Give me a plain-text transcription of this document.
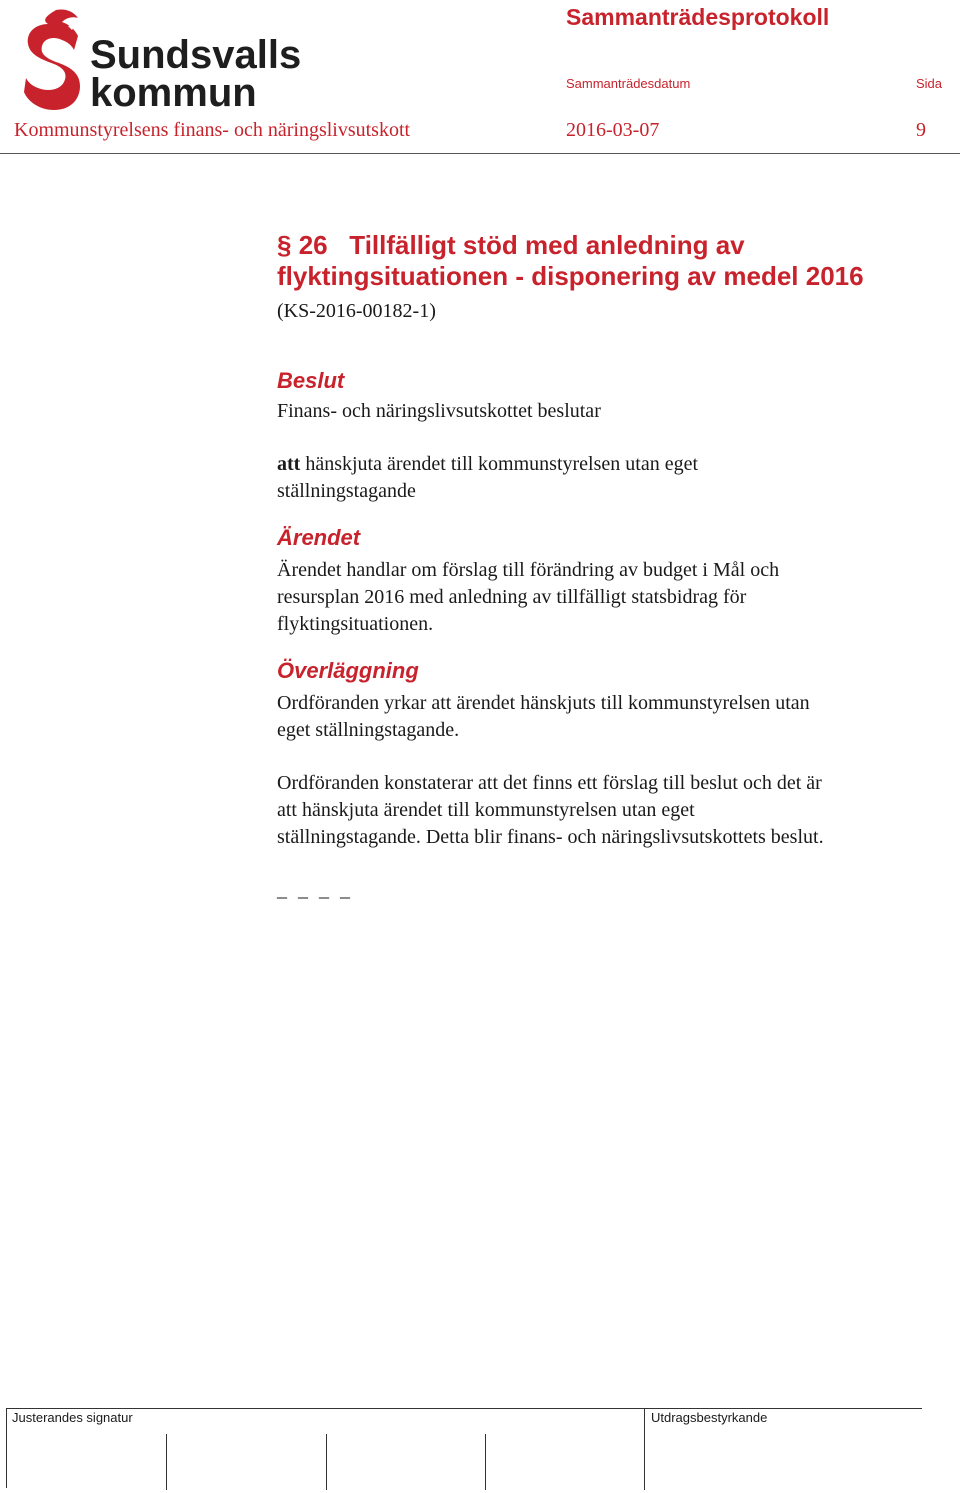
Sundsvalls
kommun
Sammanträdesprotokoll
Sammanträdesdatum	Sida
Kommunstyrelsens finans- och näringslivsutskott	2016-03-07	9
§ 26 Tillfälligt stöd med anledning av
flyktingsituationen - disponering av medel 2016
(KS-2016-00182-1)
Beslut
Finans- och näringslivsutskottet beslutar
att hänskjuta ärendet till kommunstyrelsen utan eget
ställningstagande
Ärendet
Ärendet handlar om förslag till förändring av budget i Mål och
resursplan 2016 med anledning av tillfälligt statsbidrag för
flyktingsituationen.
Överläggning
Ordföranden yrkar att ärendet hänskjuts till kommunstyrelsen utan
eget ställningstagande.
Ordföranden konstaterar att det finns ett förslag till beslut och det är
att hänskjuta ärendet till kommunstyrelsen utan eget
ställningstagande. Detta blir finans- och näringslivsutskottets beslut.
_ _ _ _
Justerandes signatur	Utdragsbestyrkande
